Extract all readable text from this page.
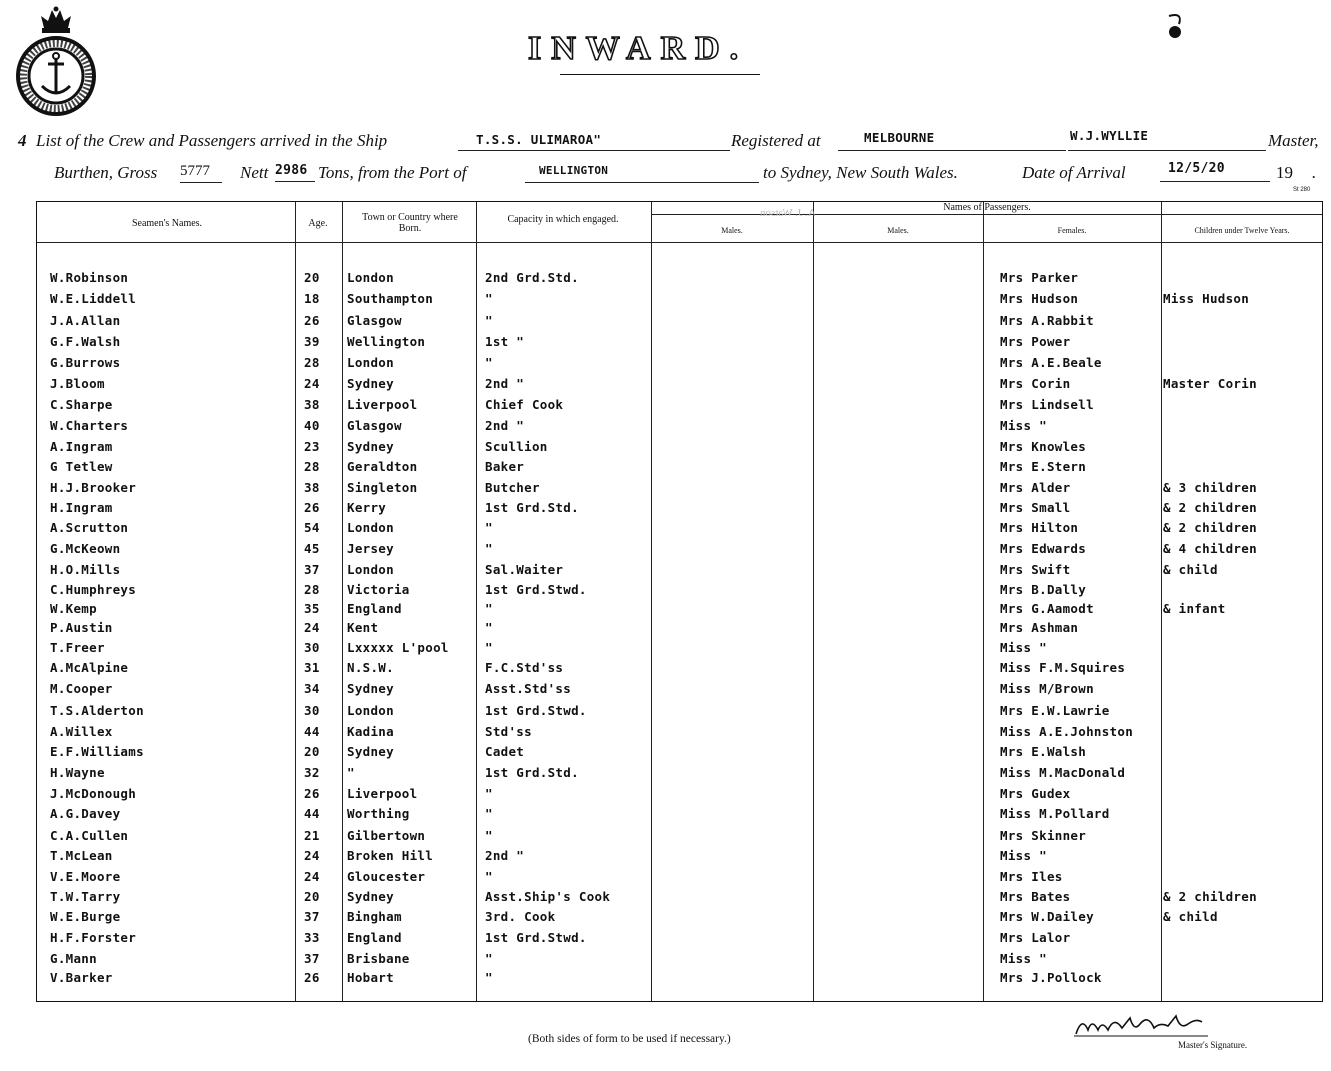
INWARD.
4 List of the Crew and Passengers arrived in the Ship	T.S.S. ULIMAROA"	Registered at	MELBOURNE	W.J.WYLLIE	Master,
Burthen, Gross 5777	Nett 2986 Tons, from the Port of	WELLINGTON	to Sydney, New South Wales.	Date of Arrival	12/5/20	19 .
St 280
Seamen's Names.	Age.
Town or Country where Born.
Capacity in which engaged.
Names of Passengers.
Males.	Males.	Females.	Children under Twelve Years.
W.Robinson	20 London	2nd Grd.Std.	Mrs Parker
W.E.Liddell	18 Southampton	"	Mrs Hudson	Miss Hudson
J.A.Allan	26 Glasgow	"	Mrs A.Rabbit
G.F.Walsh	39 Wellington	1st "	Mrs Power
G.Burrows	28 London	"	Mrs A.E.Beale
J.Bloom	24 Sydney	2nd "	Mrs Corin	Master Corin
C.Sharpe	38 Liverpool	Chief Cook	Mrs Lindsell
W.Charters	40 Glasgow	2nd "	Miss "
A.Ingram	23 Sydney	Scullion	Mrs Knowles
G Tetlew	28 Geraldton	Baker	Mrs E.Stern
H.J.Brooker	38 Singleton	Butcher	Mrs Alder	& 3 children
H.Ingram	26 Kerry	1st Grd.Std.	Mrs Small	& 2 children
A.Scrutton	54 London	"	Mrs Hilton	& 2 children
G.McKeown	45 Jersey	"	Mrs Edwards	& 4 children
H.O.Mills	37 London	Sal.Waiter	Mrs Swift	& child
C.Humphreys	28 Victoria	1st Grd.Stwd.	Mrs B.Dally
W.Kemp	35 England	"	Mrs G.Aamodt	& infant
P.Austin	24 Kent	"	Mrs Ashman
T.Freer	30 Lxxxxx L'pool	"	Miss "
A.McAlpine	31 N.S.W.	F.C.Std'ss	Miss F.M.Squires
M.Cooper	34 Sydney	Asst.Std'ss	Miss M/Brown
T.S.Alderton	30 London	1st Grd.Stwd.	Mrs E.W.Lawrie
A.Willex	44 Kadina	Std'ss	Miss A.E.Johnston
E.F.Williams	20 Sydney	Cadet	Mrs E.Walsh
H.Wayne	32 "	1st Grd.Std.	Miss M.MacDonald
J.McDonough	26 Liverpool	"	Mrs Gudex
A.G.Davey	44 Worthing	"	Miss M.Pollard
C.A.Cullen	21 Gilbertown	"	Mrs Skinner
T.McLean	24 Broken Hill	2nd "	Miss "
V.E.Moore	24 Gloucester	"	Mrs Iles
T.W.Tarry	20 Sydney	Asst.Ship's Cook	Mrs Bates	& 2 children
W.E.Burge	37 Bingham	3rd. Cook	Mrs W.Dailey	& child
H.F.Forster	33 England	1st Grd.Stwd.	Mrs Lalor
G.Mann	37 Brisbane	"	Miss "
V.Barker	26 Hobart	"	Mrs J.Pollock
A. J. Watson
(Both sides of form to be used if necessary.)	Master's Signature.
